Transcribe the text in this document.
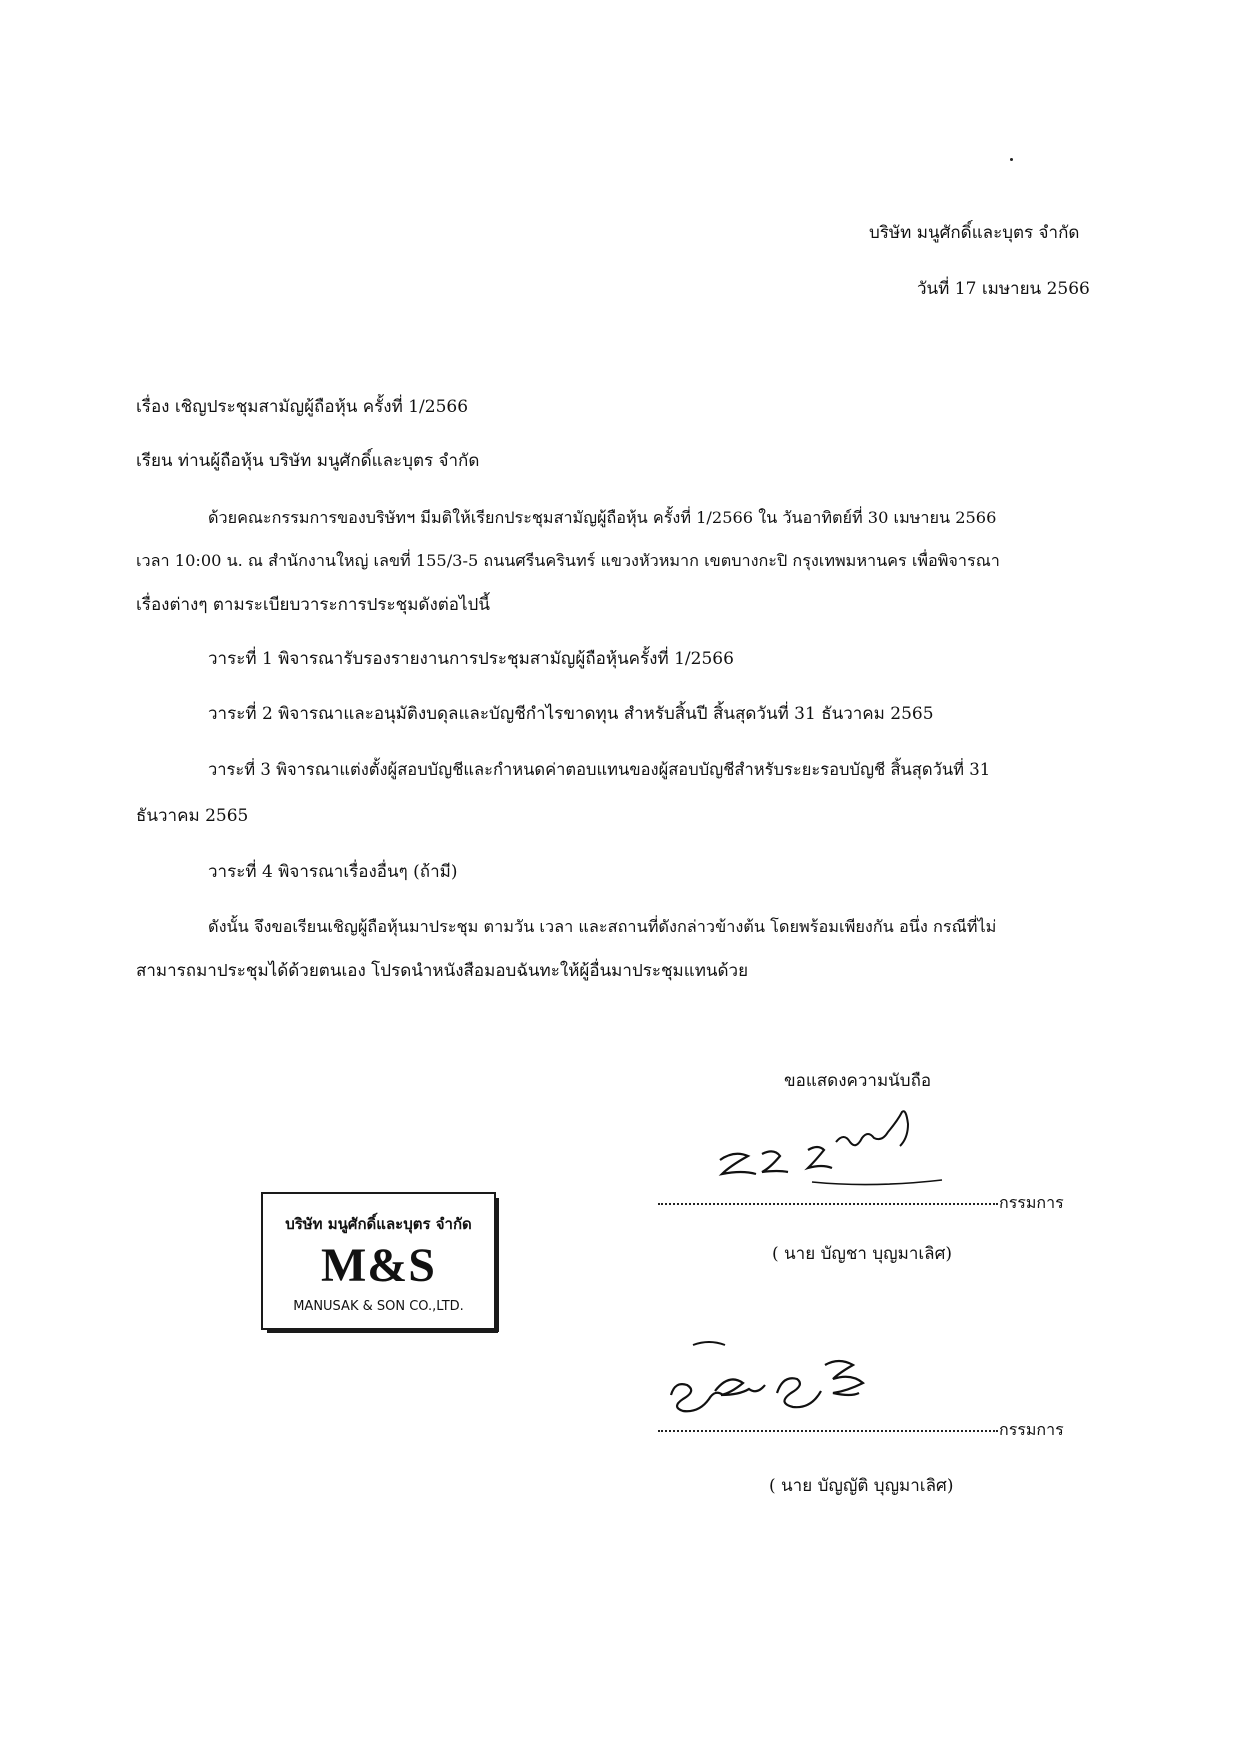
บริษัท มนูศักดิ์และบุตร จำกัด
วันที่ 17 เมษายน 2566
เรื่อง เชิญประชุมสามัญผู้ถือหุ้น ครั้งที่ 1/2566
เรียน ท่านผู้ถือหุ้น บริษัท มนูศักดิ์และบุตร จำกัด
ด้วยคณะกรรมการของบริษัทฯ มีมติให้เรียกประชุมสามัญผู้ถือหุ้น ครั้งที่ 1/2566 ใน วันอาทิตย์ที่ 30 เมษายน 2566
เวลา 10:00 น. ณ สำนักงานใหญ่ เลขที่ 155/3-5 ถนนศรีนครินทร์ แขวงหัวหมาก เขตบางกะปิ กรุงเทพมหานคร เพื่อพิจารณา
เรื่องต่างๆ ตามระเบียบวาระการประชุมดังต่อไปนี้
วาระที่ 1 พิจารณารับรองรายงานการประชุมสามัญผู้ถือหุ้นครั้งที่ 1/2566
วาระที่ 2 พิจารณาและอนุมัติงบดุลและบัญชีกำไรขาดทุน สำหรับสิ้นปี สิ้นสุดวันที่ 31 ธันวาคม 2565
วาระที่ 3 พิจารณาแต่งตั้งผู้สอบบัญชีและกำหนดค่าตอบแทนของผู้สอบบัญชีสำหรับระยะรอบบัญชี สิ้นสุดวันที่ 31
ธันวาคม 2565
วาระที่ 4 พิจารณาเรื่องอื่นๆ (ถ้ามี)
ดังนั้น จึงขอเรียนเชิญผู้ถือหุ้นมาประชุม ตามวัน เวลา และสถานที่ดังกล่าวข้างต้น โดยพร้อมเพียงกัน อนึ่ง กรณีที่ไม่
สามารถมาประชุมได้ด้วยตนเอง โปรดนำหนังสือมอบฉันทะให้ผู้อื่นมาประชุมแทนด้วย
ขอแสดงความนับถือ
กรรมการ
( นาย บัญชา บุญมาเลิศ)
กรรมการ
( นาย บัญญัติ บุญมาเลิศ)
บริษัท มนูศักดิ์และบุตร จำกัด
M&S
MANUSAK & SON CO.,LTD.
